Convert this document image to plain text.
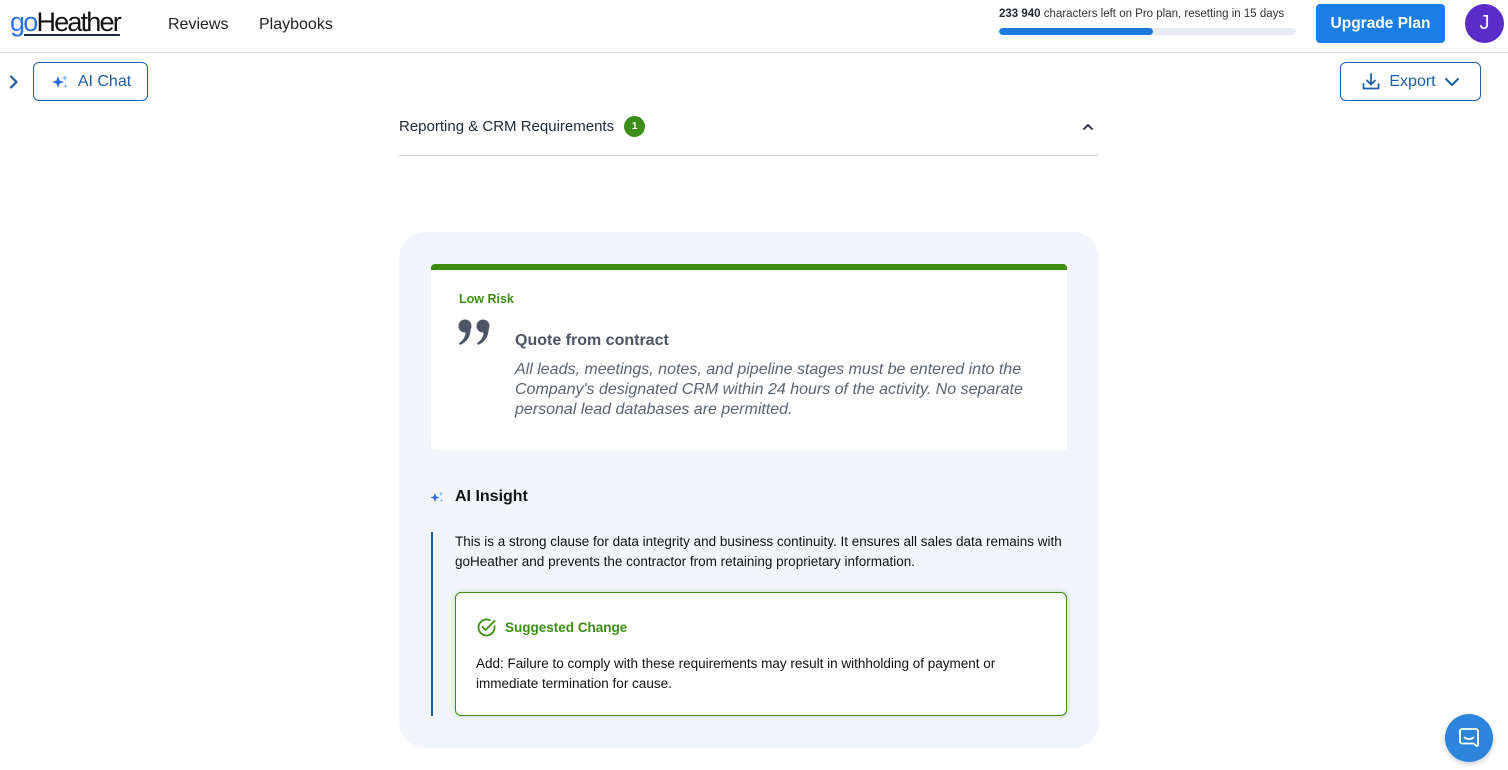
goHeather	Reviews Playbooks
233 940 characters left on Pro plan, resetting in 15 days
Upgrade Plan	J
AI Chat	Export
Reporting & CRM Requirements	1
Low Risk
Quote from contract
All leads, meetings, notes, and pipeline stages must be entered into the Company's designated CRM within 24 hours of the activity. No separate personal lead databases are permitted.
AI Insight
This is a strong clause for data integrity and business continuity. It ensures all sales data remains with goHeather and prevents the contractor from retaining proprietary information.
Suggested Change
Add: Failure to comply with these requirements may result in withholding of payment or immediate termination for cause.
